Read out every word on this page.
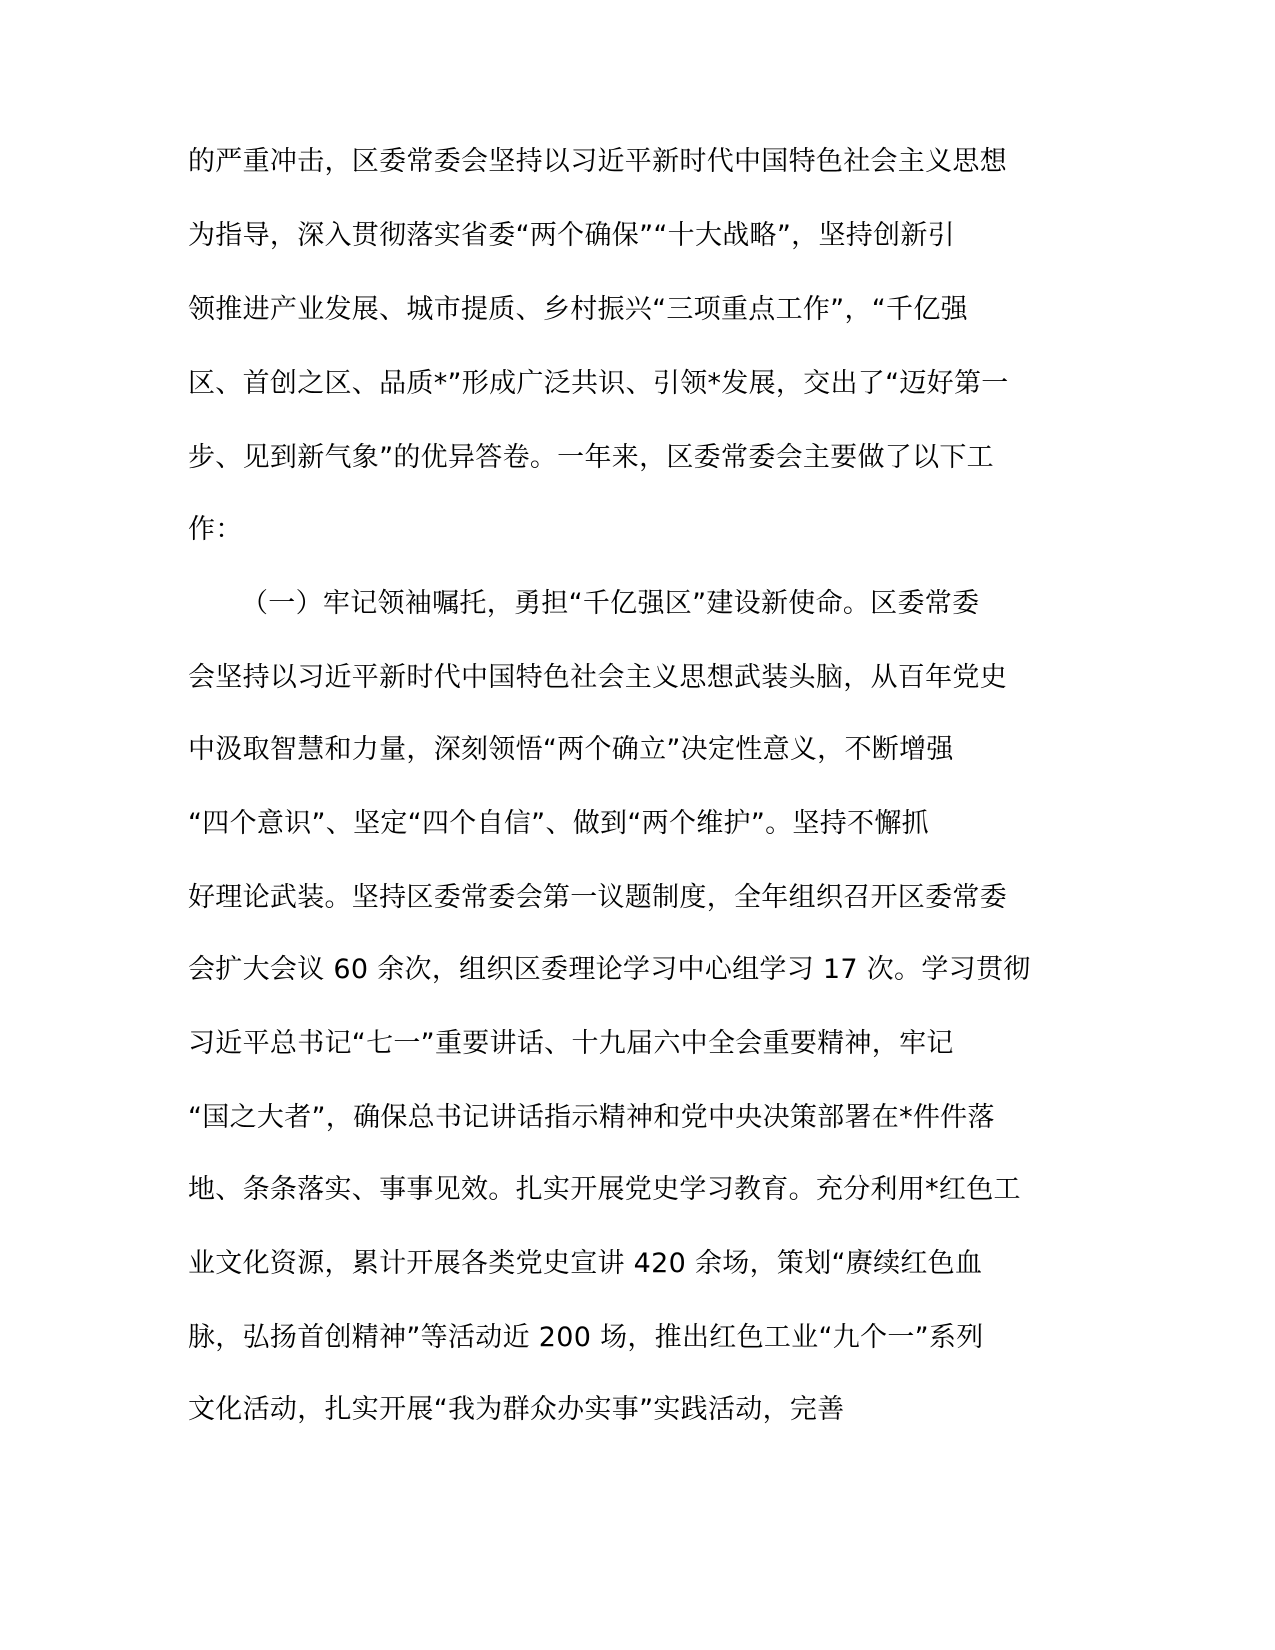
的严重冲击，区委常委会坚持以习近平新时代中国特色社会主义思想
为指导，深入贯彻落实省委“两个确保”“十大战略”，坚持创新引
领推进产业发展、城市提质、乡村振兴“三项重点工作”，“千亿强
区、首创之区、品质*”形成广泛共识、引领*发展，交出了“迈好第一
步、见到新气象”的优异答卷。一年来，区委常委会主要做了以下工
作：
（一）牢记领袖嘱托，勇担“千亿强区”建设新使命。区委常委
会坚持以习近平新时代中国特色社会主义思想武装头脑，从百年党史
中汲取智慧和力量，深刻领悟“两个确立”决定性意义，不断增强
“四个意识”、坚定“四个自信”、做到“两个维护”。坚持不懈抓
好理论武装。坚持区委常委会第一议题制度，全年组织召开区委常委
会扩大会议 60 余次，组织区委理论学习中心组学习 17 次。学习贯彻
习近平总书记“七一”重要讲话、十九届六中全会重要精神，牢记
“国之大者”，确保总书记讲话指示精神和党中央决策部署在*件件落
地、条条落实、事事见效。扎实开展党史学习教育。充分利用*红色工
业文化资源，累计开展各类党史宣讲 420 余场，策划“赓续红色血
脉，弘扬首创精神”等活动近 200 场，推出红色工业“九个一”系列
文化活动，扎实开展“我为群众办实事”实践活动，完善
